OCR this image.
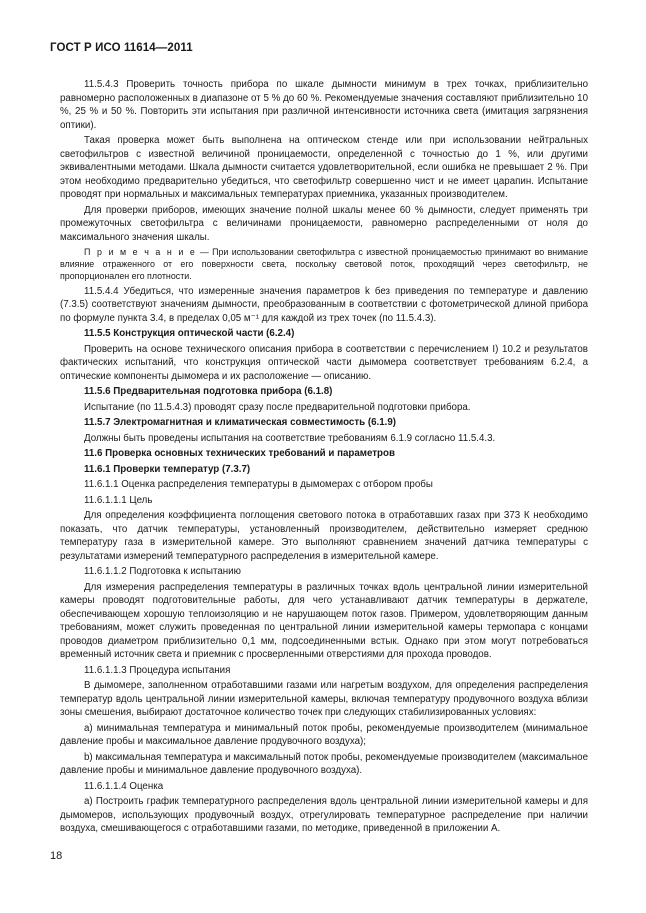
ГОСТ Р ИСО 11614—2011

11.5.4.3 Проверить точность прибора по шкале дымности минимум в трех точках, приблизительно равномерно расположенных в диапазоне от 5 % до 60 %. Рекомендуемые значения составляют приблизительно 10 %, 25 % и 50 %. Повторить эти испытания при различной интенсивности источника света (имитация загрязнения оптики).

Такая проверка может быть выполнена на оптическом стенде или при использовании нейтральных светофильтров с известной величиной проницаемости, определенной с точностью до 1 %, или другими эквивалентными методами. Шкала дымности считается удовлетворительной, если ошибка не превышает 2 %. При этом необходимо предварительно убедиться, что светофильтр совершенно чист и не имеет царапин. Испытание проводят при нормальных и максимальных температурах приемника, указанных производителем.

Для проверки приборов, имеющих значение полной шкалы менее 60 % дымности, следует применять три промежуточных светофильтра с величинами проницаемости, равномерно распределенными от ноля до максимального значения шкалы.

П р и м е ч а н и е — При использовании светофильтра с известной проницаемостью принимают во внимание влияние отраженного от его поверхности света, поскольку световой поток, проходящий через светофильтр, не пропорционален его плотности.

11.5.4.4 Убедиться, что измеренные значения параметров k без приведения по температуре и давлению (7.3.5) соответствуют значениям дымности, преобразованным в соответствии с фотометрической длиной прибора по формуле пункта 3.4, в пределах 0,05 м⁻¹ для каждой из трех точек (по 11.5.4.3).

11.5.5 Конструкция оптической части (6.2.4)

Проверить на основе технического описания прибора в соответствии с перечислением I) 10.2 и результатов фактических испытаний, что конструкция оптической части дымомера соответствует требованиям 6.2.4, а оптические компоненты дымомера и их расположение — описанию.

11.5.6 Предварительная подготовка прибора (6.1.8)

Испытание (по 11.5.4.3) проводят сразу после предварительной подготовки прибора.

11.5.7 Электромагнитная и климатическая совместимость (6.1.9)

Должны быть проведены испытания на соответствие требованиям 6.1.9 согласно 11.5.4.3.

11.6 Проверка основных технических требований и параметров

11.6.1 Проверки температур (7.3.7)

11.6.1.1 Оценка распределения температуры в дымомерах с отбором пробы

11.6.1.1.1 Цель

Для определения коэффициента поглощения светового потока в отработавших газах при 373 К необходимо показать, что датчик температуры, установленный производителем, действительно измеряет среднюю температуру газа в измерительной камере. Это выполняют сравнением значений датчика температуры с результатами измерений температурного распределения в измерительной камере.

11.6.1.1.2 Подготовка к испытанию

Для измерения распределения температуры в различных точках вдоль центральной линии измерительной камеры проводят подготовительные работы, для чего устанавливают датчик температуры в держателе, обеспечивающем хорошую теплоизоляцию и не нарушающем поток газов. Примером, удовлетворяющим данным требованиям, может служить проведенная по центральной линии измерительной камеры термопара с концами проводов диаметром приблизительно 0,1 мм, подсоединенными встык. Однако при этом могут потребоваться временный источник света и приемник с просверленными отверстиями для прохода проводов.

11.6.1.1.3 Процедура испытания

В дымомере, заполненном отработавшими газами или нагретым воздухом, для определения распределения температур вдоль центральной линии измерительной камеры, включая температуру продувочного воздуха вблизи зоны смешения, выбирают достаточное количество точек при следующих стабилизированных условиях:

a) минимальная температура и минимальный поток пробы, рекомендуемые производителем (минимальное давление пробы и максимальное давление продувочного воздуха);

b) максимальная температура и максимальный поток пробы, рекомендуемые производителем (максимальное давление пробы и минимальное давление продувочного воздуха).

11.6.1.1.4 Оценка

a) Построить график температурного распределения вдоль центральной линии измерительной камеры и для дымомеров, использующих продувочный воздух, отрегулировать температурное распределение при наличии воздуха, смешивающегося с отработавшими газами, по методике, приведенной в приложении А.

18
